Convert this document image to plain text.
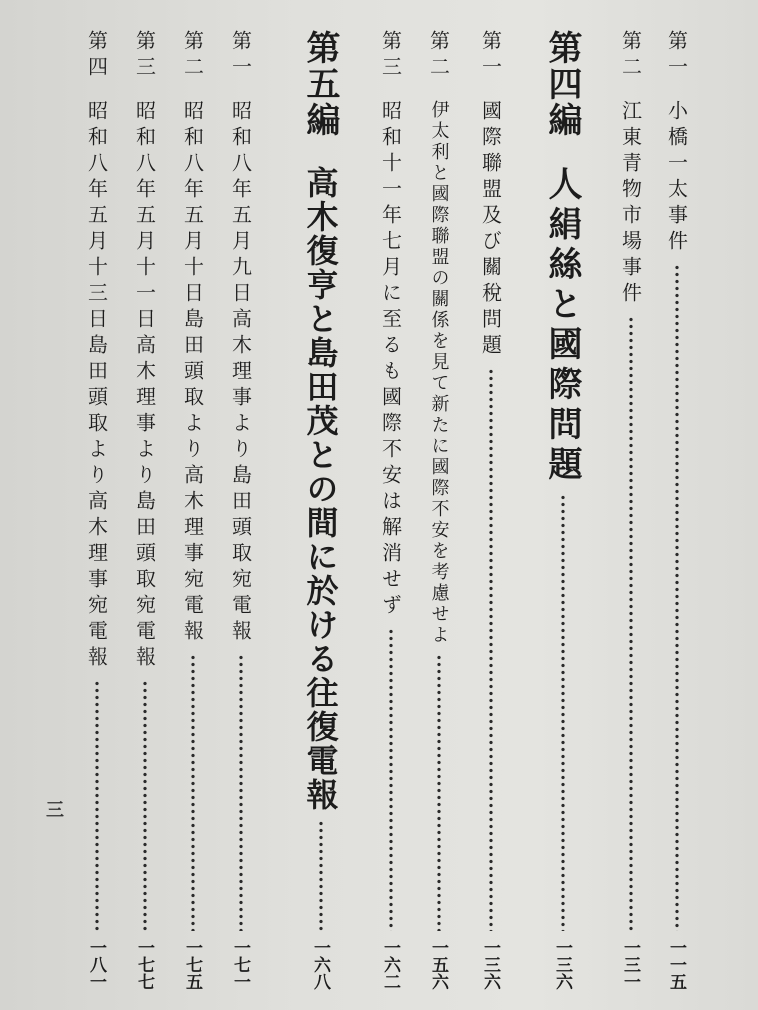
第一
小橋一太事件
一一五
第二
江東青物市場事件
一三一
第四編
人絹絲と國際問題
一三六
第一
國際聯盟及び關稅問題
一三六
第二
伊太利と國際聯盟の關係を見て新たに國際不安を考慮せよ
一五六
第三
昭和十一年七月に至るも國際不安は解消せず
一六二
第五編
高木復亨と島田茂との間に於ける往復電報
一六八
第一
昭和八年五月九日高木理事より島田頭取宛電報
一七一
第二
昭和八年五月十日島田頭取より高木理事宛電報
一七五
第三
昭和八年五月十一日高木理事より島田頭取宛電報
一七七
第四
昭和八年五月十三日島田頭取より高木理事宛電報
一八一
三
